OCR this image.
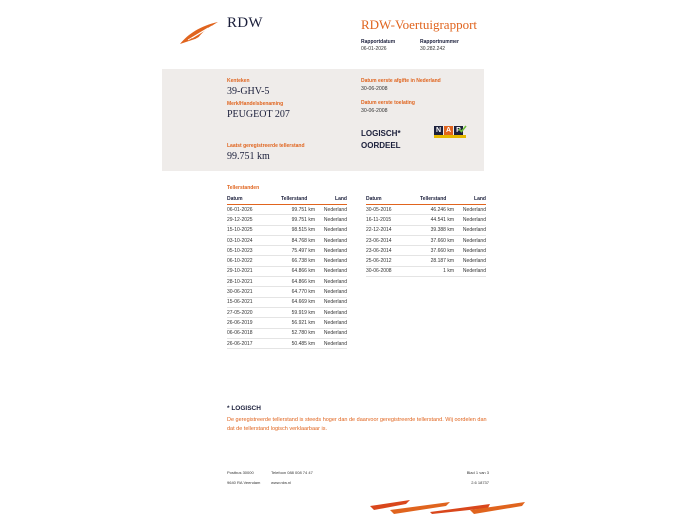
RDW	RDW-Voertuigrapport
Rapportdatum
06-01-2026
Rapportnummer
30.282.242
Kenteken
39-GHV-5
Merk/Handelsbenaming
PEUGEOT 207
Datum eerste afgifte in Nederland
30-06-2008
Datum eerste toelating
30-06-2008
LOGISCH*
OORDEEL
N A P
Laatst geregistreerde tellerstand
99.751 km
Tellerstanden
Datum	Tellerstand	Land
06-01-2026	99.751 km	Nederland
29-12-2025	99.751 km	Nederland
15-10-2025	98.515 km	Nederland
03-10-2024	84.768 km	Nederland
05-10-2023	75.497 km	Nederland
06-10-2022	66.738 km	Nederland
29-10-2021	64.866 km	Nederland
28-10-2021	64.866 km	Nederland
30-06-2021	64.770 km	Nederland
15-06-2021	64.669 km	Nederland
27-05-2020	59.919 km	Nederland
26-06-2019	56.921 km	Nederland
06-06-2018	52.780 km	Nederland
26-06-2017	50.485 km	Nederland
Datum	Tellerstand	Land
30-05-2016	46.246 km	Nederland
16-11-2015	44.541 km	Nederland
22-12-2014	39.388 km	Nederland
23-06-2014	37.660 km	Nederland
23-06-2014	37.660 km	Nederland
25-06-2012	28.187 km	Nederland
30-06-2008	1 km	Nederland
* LOGISCH
De geregistreerde tellerstand is steeds hoger dan de daarvoor geregistreerde tellerstand. Wij oordelen dan dat de tellerstand logisch verklaarbaar is.
Postbus 30000
9640 RA Veendam
Telefoon 088 008 74 47
www.rdw.nl
Blad 1 van 3
2.6 18737
